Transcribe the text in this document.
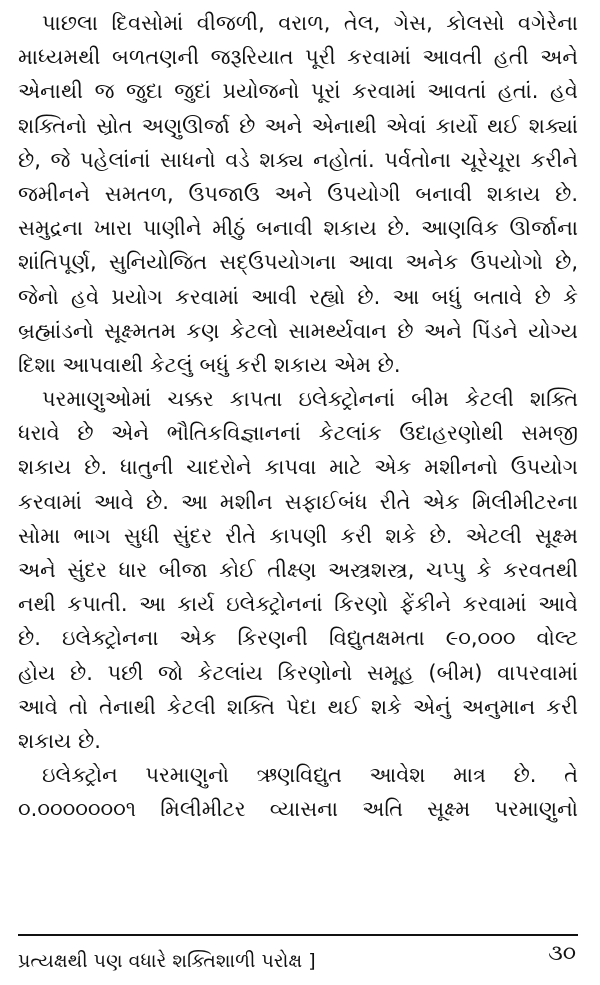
પાછલા દિવસોમાં વીજળી, વરાળ, તેલ, ગેસ, કોલસો વગેરેના
માધ્યમથી બળતણની જરૂરિયાત પૂરી કરવામાં આવતી હતી અને
એનાથી જ જુદા જુદાં પ્રયોજનો પૂરાં કરવામાં આવતાં હતાં. હવે
શક્તિનો સ્રોત અણુઊર્જા છે અને એનાથી એવાં કાર્યો થઈ શક્યાં
છે, જે પહેલાંનાં સાધનો વડે શક્ય નહોતાં. પર્વતોના ચૂરેચૂરા કરીને
જમીનને સમતળ, ઉપજાઉ અને ઉપયોગી બનાવી શકાય છે.
સમુદ્રના ખારા પાણીને મીઠું બનાવી શકાય છે. આણવિક ઊર્જાના
શાંતિપૂર્ણ, સુનિયોજિત સદ્ઉપયોગના આવા અનેક ઉપયોગો છે,
જેનો હવે પ્રયોગ કરવામાં આવી રહ્યો છે. આ બધું બતાવે છે કે
બ્રહ્માંડનો સૂક્ષ્મતમ કણ કેટલો સામર્થ્યવાન છે અને પિંડને યોગ્ય
દિશા આપવાથી કેટલું બધું કરી શકાય એમ છે.
પરમાણુઓમાં ચક્કર કાપતા ઇલેક્ટ્રોનનાં બીમ કેટલી શક્તિ
ધરાવે છે એને ભૌતિકવિજ્ઞાનનાં કેટલાંક ઉદાહરણોથી સમજી
શકાય છે. ધાતુની ચાદરોને કાપવા માટે એક મશીનનો ઉપયોગ
કરવામાં આવે છે. આ મશીન સફાઈબંધ રીતે એક મિલીમીટરના
સોમા ભાગ સુધી સુંદર રીતે કાપણી કરી શકે છે. એટલી સૂક્ષ્મ
અને સુંદર ધાર બીજા કોઈ તીક્ષ્ણ અસ્ત્રશસ્ત્ર, ચપ્પુ કે કરવતથી
નથી કપાતી. આ કાર્ય ઇલેક્ટ્રોનનાં કિરણો ફેંકીને કરવામાં આવે
છે. ઇલેક્ટ્રોનના એક કિરણની વિદ્યુતક્ષમતા ૯૦,૦૦૦ વોલ્ટ
હોય છે. પછી જો કેટલાંય કિરણોનો સમૂહ (બીમ) વાપરવામાં
આવે તો તેનાથી કેટલી શક્તિ પેદા થઈ શકે એનું અનુમાન કરી
શકાય છે.
ઇલેક્ટ્રોન પરમાણુનો ઋણવિદ્યુત આવેશ માત્ર છે. તે
૦.૦૦૦૦૦૦૦૧ મિલીમીટર વ્યાસના અતિ સૂક્ષ્મ પરમાણુનો
પ્રત્યક્ષથી પણ વધારે શક્તિશાળી પરોક્ષ ]	૩૦
